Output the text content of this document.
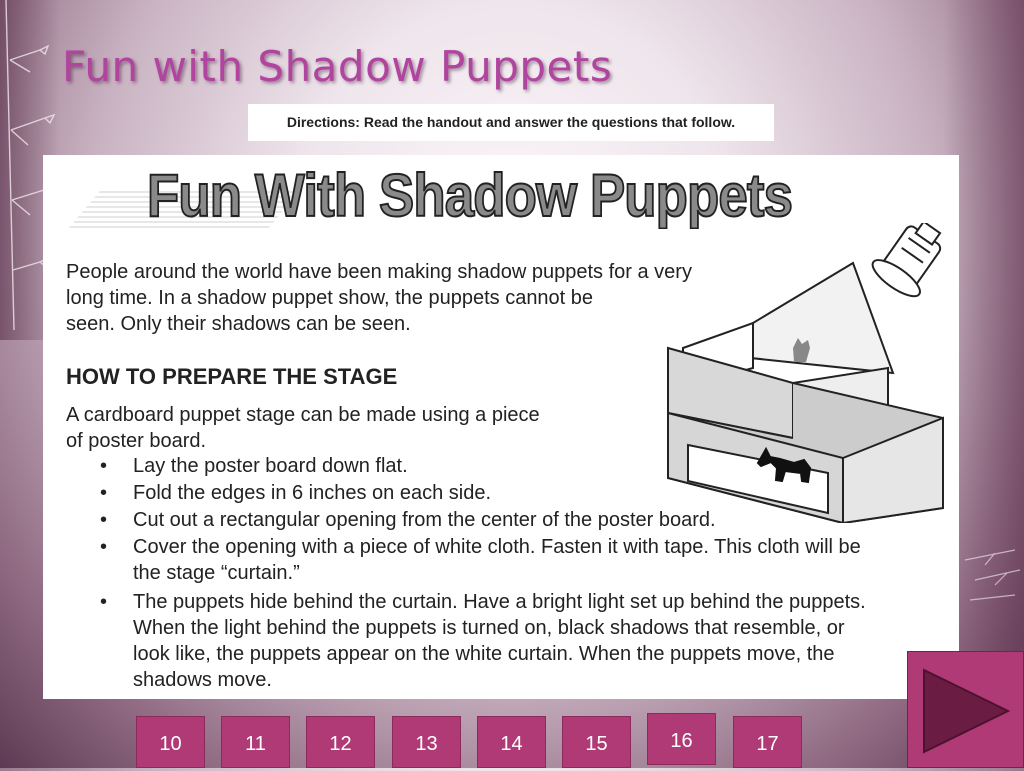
Fun with Shadow Puppets
Directions: Read the handout and answer the questions that follow.
Fun With Shadow Puppets
People around the world have been making shadow puppets for a very
long time. In a shadow puppet show, the puppets cannot be
seen. Only their shadows can be seen.
HOW TO PREPARE THE STAGE
A cardboard puppet stage can be made using a piece
of poster board.
• Lay the poster board down flat.
• Fold the edges in 6 inches on each side.
• Cut out a rectangular opening from the center of the poster board.
• Cover the opening with a piece of white cloth. Fasten it with tape. This cloth will be the stage “curtain.”
• The puppets hide behind the curtain. Have a bright light set up behind the puppets. When the light behind the puppets is turned on, black shadows that resemble, or look like, the puppets appear on the white curtain. When the puppets move, the shadows move.
10	11	12	13	14	15	16	17
